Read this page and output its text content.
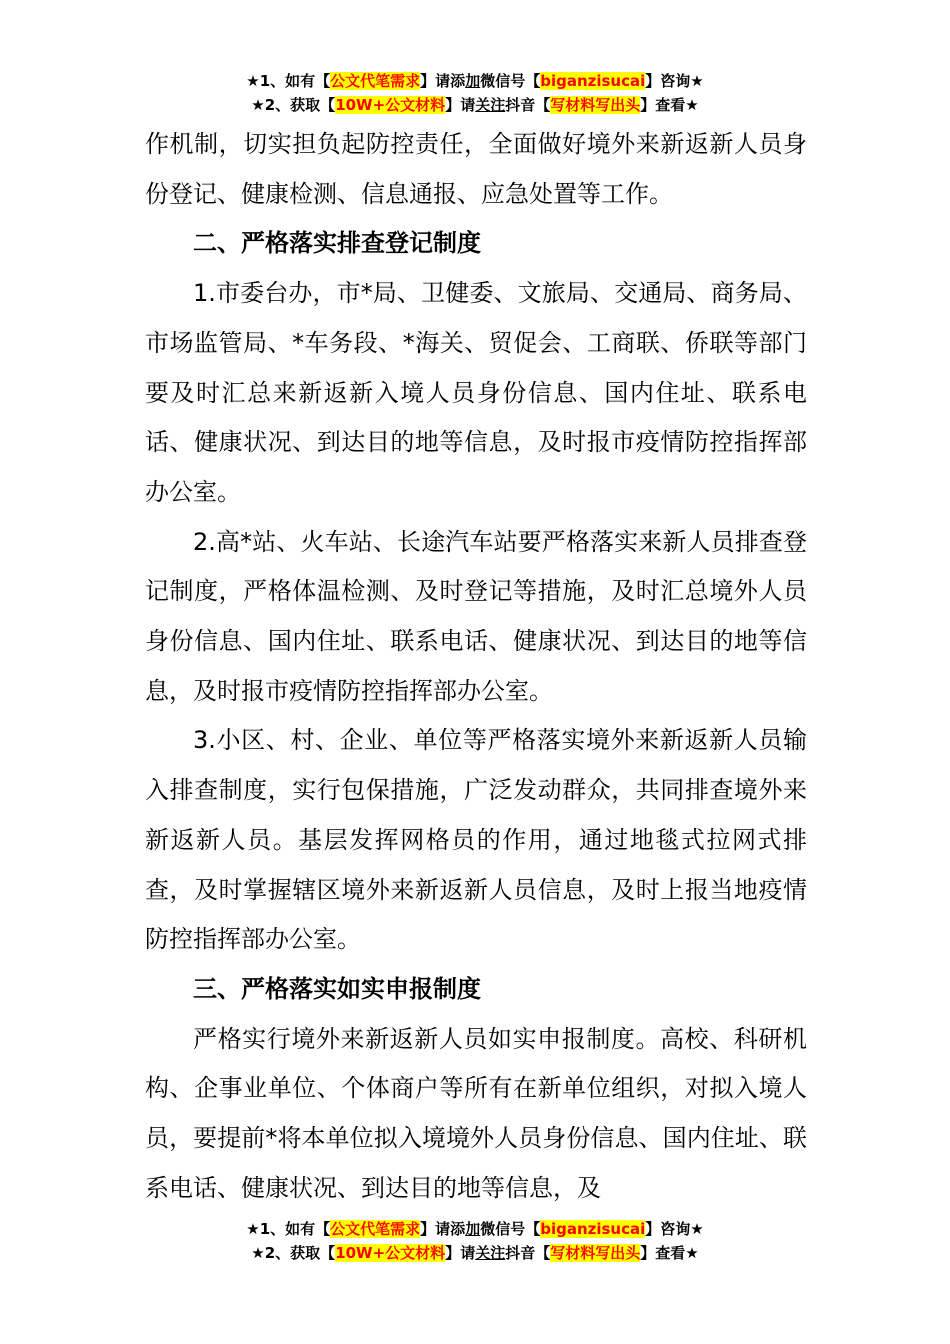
★1、如有【公文代笔需求】请添加微信号【biganzisucai】咨询★
★2、获取【10W+公文材料】请关注抖音【写材料写出头】查看★

作机制，切实担负起防控责任，全面做好境外来新返新人员身份登记、健康检测、信息通报、应急处置等工作。

二、严格落实排查登记制度

1.市委台办，市*局、卫健委、文旅局、交通局、商务局、市场监管局、*车务段、*海关、贸促会、工商联、侨联等部门要及时汇总来新返新入境人员身份信息、国内住址、联系电话、健康状况、到达目的地等信息，及时报市疫情防控指挥部办公室。

2.高*站、火车站、长途汽车站要严格落实来新人员排查登记制度，严格体温检测、及时登记等措施，及时汇总境外人员身份信息、国内住址、联系电话、健康状况、到达目的地等信息，及时报市疫情防控指挥部办公室。

3.小区、村、企业、单位等严格落实境外来新返新人员输入排查制度，实行包保措施，广泛发动群众，共同排查境外来新返新人员。基层发挥网格员的作用，通过地毯式拉网式排查，及时掌握辖区境外来新返新人员信息，及时上报当地疫情防控指挥部办公室。

三、严格落实如实申报制度

严格实行境外来新返新人员如实申报制度。高校、科研机构、企事业单位、个体商户等所有在新单位组织，对拟入境人员，要提前*将本单位拟入境境外人员身份信息、国内住址、联系电话、健康状况、到达目的地等信息，及

★1、如有【公文代笔需求】请添加微信号【biganzisucai】咨询★
★2、获取【10W+公文材料】请关注抖音【写材料写出头】查看★
